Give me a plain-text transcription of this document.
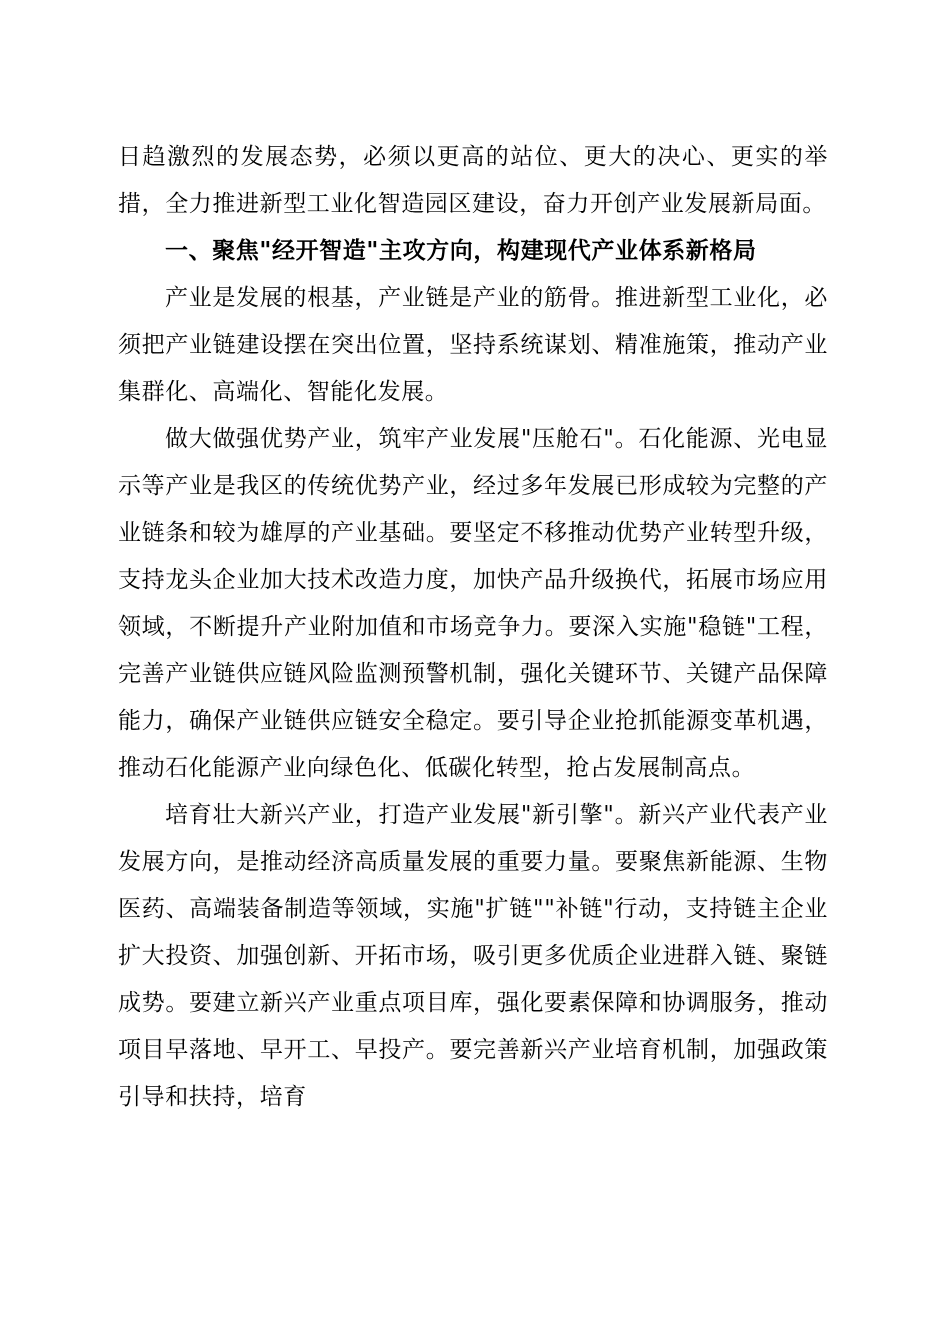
日趋激烈的发展态势，必须以更高的站位、更大的决心、更实的举措，全力推进新型工业化智造园区建设，奋力开创产业发展新局面。

一、聚焦"经开智造"主攻方向，构建现代产业体系新格局

产业是发展的根基，产业链是产业的筋骨。推进新型工业化，必须把产业链建设摆在突出位置，坚持系统谋划、精准施策，推动产业集群化、高端化、智能化发展。

做大做强优势产业，筑牢产业发展"压舱石"。石化能源、光电显示等产业是我区的传统优势产业，经过多年发展已形成较为完整的产业链条和较为雄厚的产业基础。要坚定不移推动优势产业转型升级，支持龙头企业加大技术改造力度，加快产品升级换代，拓展市场应用领域，不断提升产业附加值和市场竞争力。要深入实施"稳链"工程，完善产业链供应链风险监测预警机制，强化关键环节、关键产品保障能力，确保产业链供应链安全稳定。要引导企业抢抓能源变革机遇，推动石化能源产业向绿色化、低碳化转型，抢占发展制高点。

培育壮大新兴产业，打造产业发展"新引擎"。新兴产业代表产业发展方向，是推动经济高质量发展的重要力量。要聚焦新能源、生物医药、高端装备制造等领域，实施"扩链""补链"行动，支持链主企业扩大投资、加强创新、开拓市场，吸引更多优质企业进群入链、聚链成势。要建立新兴产业重点项目库，强化要素保障和协调服务，推动项目早落地、早开工、早投产。要完善新兴产业培育机制，加强政策引导和扶持，培育
